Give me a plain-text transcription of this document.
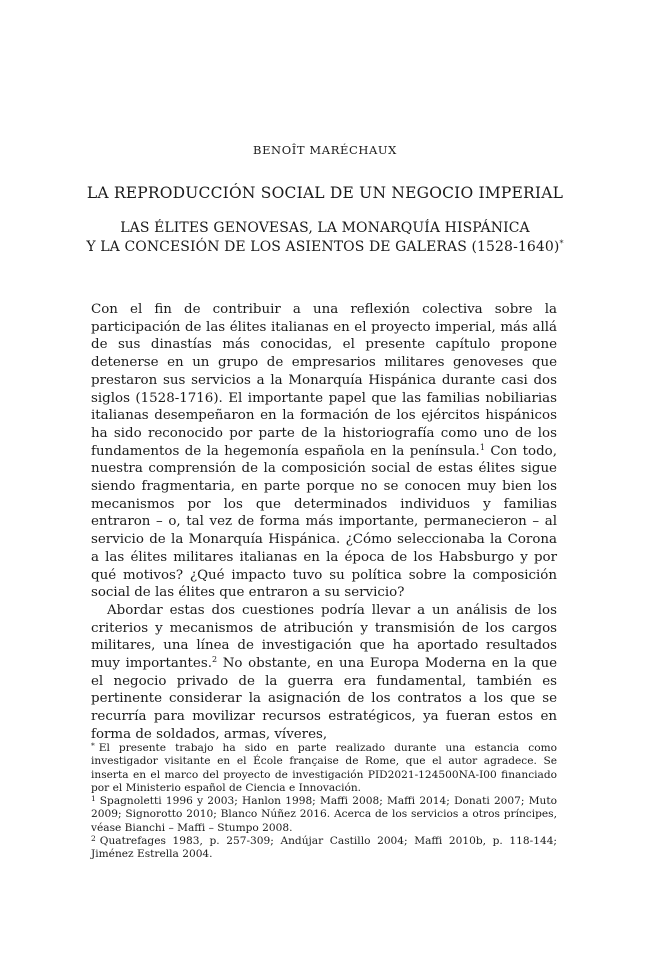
BENOÎT MARÉCHAUX
LA REPRODUCCIÓN SOCIAL DE UN NEGOCIO IMPERIAL
LAS ÉLITES GENOVESAS, LA MONARQUÍA HISPÁNICA
Y LA CONCESIÓN DE LOS ASIENTOS DE GALERAS (1528-1640)*

Con el fin de contribuir a una reflexión colectiva sobre la participación de las élites italianas en el proyecto imperial, más allá de sus dinastías más conocidas, el presente capítulo propone detenerse en un grupo de empresarios militares genoveses que prestaron sus servicios a la Monarquía Hispánica durante casi dos siglos (1528-1716). El importante papel que las familias nobiliarias italianas desempeñaron en la formación de los ejércitos hispánicos ha sido reconocido por parte de la historiografía como uno de los fundamentos de la hegemonía española en la península.$^1$ Con todo, nuestra comprensión de la composición social de estas élites sigue siendo fragmentaria, en parte porque no se conocen muy bien los mecanismos por los que determinados individuos y familias entraron – o, tal vez de forma más importante, permanecieron – al servicio de la Monarquía Hispánica. ¿Cómo seleccionaba la Corona a las élites militares italianas en la época de los Habsburgo y por qué motivos? ¿Qué impacto tuvo su política sobre la composición social de las élites que entraron a su servicio?

Abordar estas dos cuestiones podría llevar a un análisis de los criterios y mecanismos de atribución y transmisión de los cargos militares, una línea de investigación que ha aportado resultados muy importantes.$^2$ No obstante, en una Europa Moderna en la que el negocio privado de la guerra era fundamental, también es pertinente considerar la asignación de los contratos a los que se recurría para movilizar recursos estratégicos, ya fueran estos en forma de soldados, armas, víveres,

* El presente trabajo ha sido en parte realizado durante una estancia como investigador visitante en el École française de Rome, que el autor agradece. Se inserta en el marco del proyecto de investigación PID2021-124500NA-I00 financiado por el Ministerio español de Ciencia e Innovación.

$^1$ Spagnoletti 1996 y 2003; Hanlon 1998; Maffi 2008; Maffi 2014; Donati 2007; Muto 2009; Signorotto 2010; Blanco Núñez 2016. Acerca de los servicios a otros príncipes, véase Bianchi – Maffi – Stumpo 2008.

$^2$ Quatrefages 1983, p. 257-309; Andújar Castillo 2004; Maffi 2010b, p. 118-144; Jiménez Estrella 2004.
